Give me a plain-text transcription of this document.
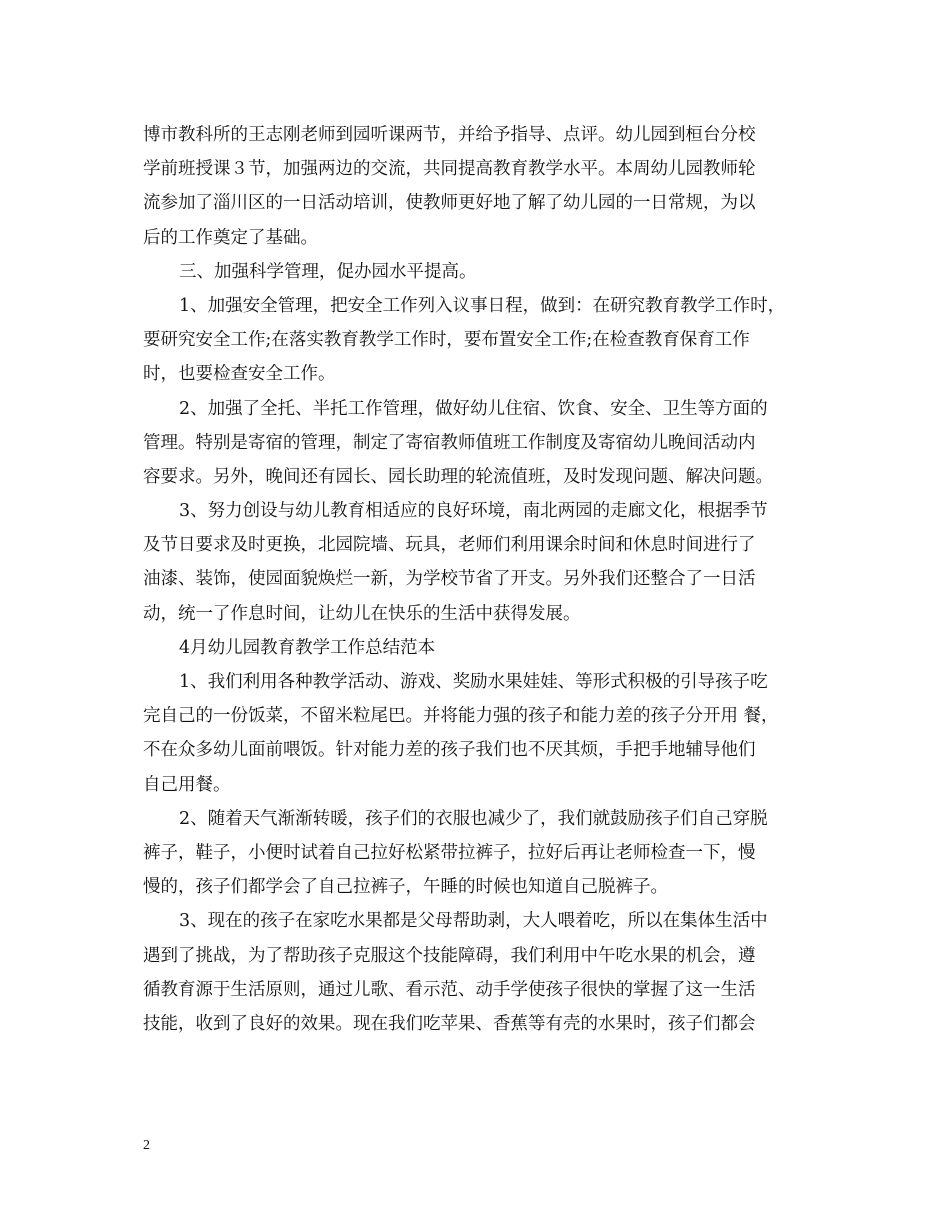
博市教科所的王志刚老师到园听课两节，并给予指导、点评。幼儿园到桓台分校
学前班授课３节，加强两边的交流，共同提高教育教学水平。本周幼儿园教师轮
流参加了淄川区的一日活动培训，使教师更好地了解了幼儿园的一日常规，为以
后的工作奠定了基础。
三、加强科学管理，促办园水平提高。
1、加强安全管理，把安全工作列入议事日程，做到：在研究教育教学工作时，
要研究安全工作;在落实教育教学工作时，要布置安全工作;在检查教育保育工作
时，也要检查安全工作。
2、加强了全托、半托工作管理，做好幼儿住宿、饮食、安全、卫生等方面的
管理。特别是寄宿的管理，制定了寄宿教师值班工作制度及寄宿幼儿晚间活动内
容要求。另外，晚间还有园长、园长助理的轮流值班，及时发现问题、解决问题。
3、努力创设与幼儿教育相适应的良好环境，南北两园的走廊文化，根据季节
及节日要求及时更换，北园院墙、玩具，老师们利用课余时间和休息时间进行了
油漆、装饰，使园面貌焕烂一新，为学校节省了开支。另外我们还整合了一日活
动，统一了作息时间，让幼儿在快乐的生活中获得发展。
4月幼儿园教育教学工作总结范本
1、我们利用各种教学活动、游戏、奖励水果娃娃、等形式积极的引导孩子吃
完自己的一份饭菜，不留米粒尾巴。并将能力强的孩子和能力差的孩子分开用 餐，
不在众多幼儿面前喂饭。针对能力差的孩子我们也不厌其烦，手把手地辅导他们
自己用餐。
2、随着天气渐渐转暖，孩子们的衣服也减少了，我们就鼓励孩子们自己穿脱
裤子，鞋子，小便时试着自己拉好松紧带拉裤子，拉好后再让老师检查一下，慢
慢的，孩子们都学会了自己拉裤子，午睡的时候也知道自己脱裤子。
3、现在的孩子在家吃水果都是父母帮助剥，大人喂着吃，所以在集体生活中
遇到了挑战，为了帮助孩子克服这个技能障碍，我们利用中午吃水果的机会，遵
循教育源于生活原则，通过儿歌、看示范、动手学使孩子很快的掌握了这一生活
技能，收到了良好的效果。现在我们吃苹果、香蕉等有壳的水果时，孩子们都会
2
